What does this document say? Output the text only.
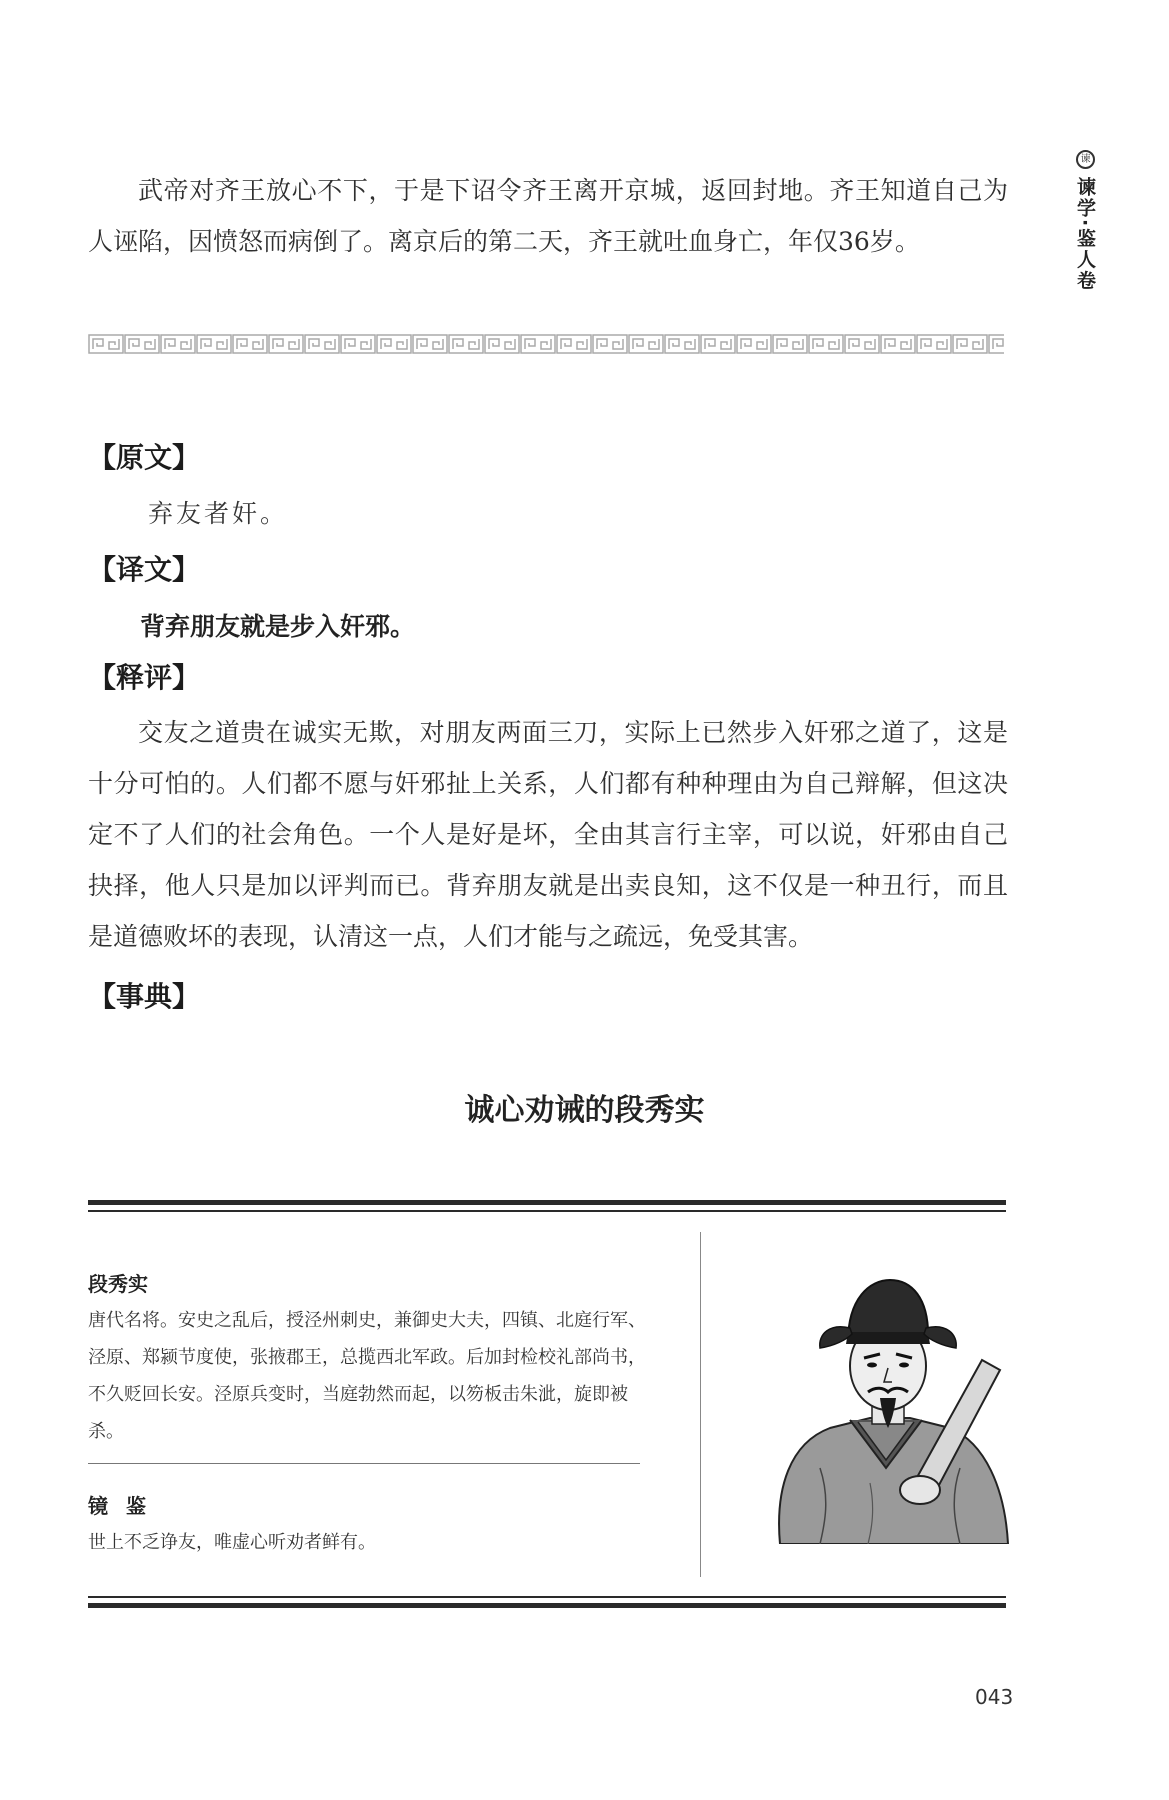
谏
谏学·鉴人卷

武帝对齐王放心不下，于是下诏令齐王离开京城，返回封地。齐王知道自己为人诬陷，因愤怒而病倒了。离京后的第二天，齐王就吐血身亡，年仅36岁。

【原文】
弃友者奸。
【译文】
背弃朋友就是步入奸邪。
【释评】

交友之道贵在诚实无欺，对朋友两面三刀，实际上已然步入奸邪之道了，这是十分可怕的。人们都不愿与奸邪扯上关系，人们都有种种理由为自己辩解，但这决定不了人们的社会角色。一个人是好是坏，全由其言行主宰，可以说，奸邪由自己抉择，他人只是加以评判而已。背弃朋友就是出卖良知，这不仅是一种丑行，而且是道德败坏的表现，认清这一点，人们才能与之疏远，免受其害。

【事典】
诚心劝诫的段秀实
段秀实

唐代名将。安史之乱后，授泾州刺史，兼御史大夫，四镇、北庭行军、泾原、郑颍节度使，张掖郡王，总揽西北军政。后加封检校礼部尚书，不久贬回长安。泾原兵变时，当庭勃然而起，以笏板击朱泚，旋即被杀。

镜鉴

世上不乏诤友，唯虚心听劝者鲜有。

043
